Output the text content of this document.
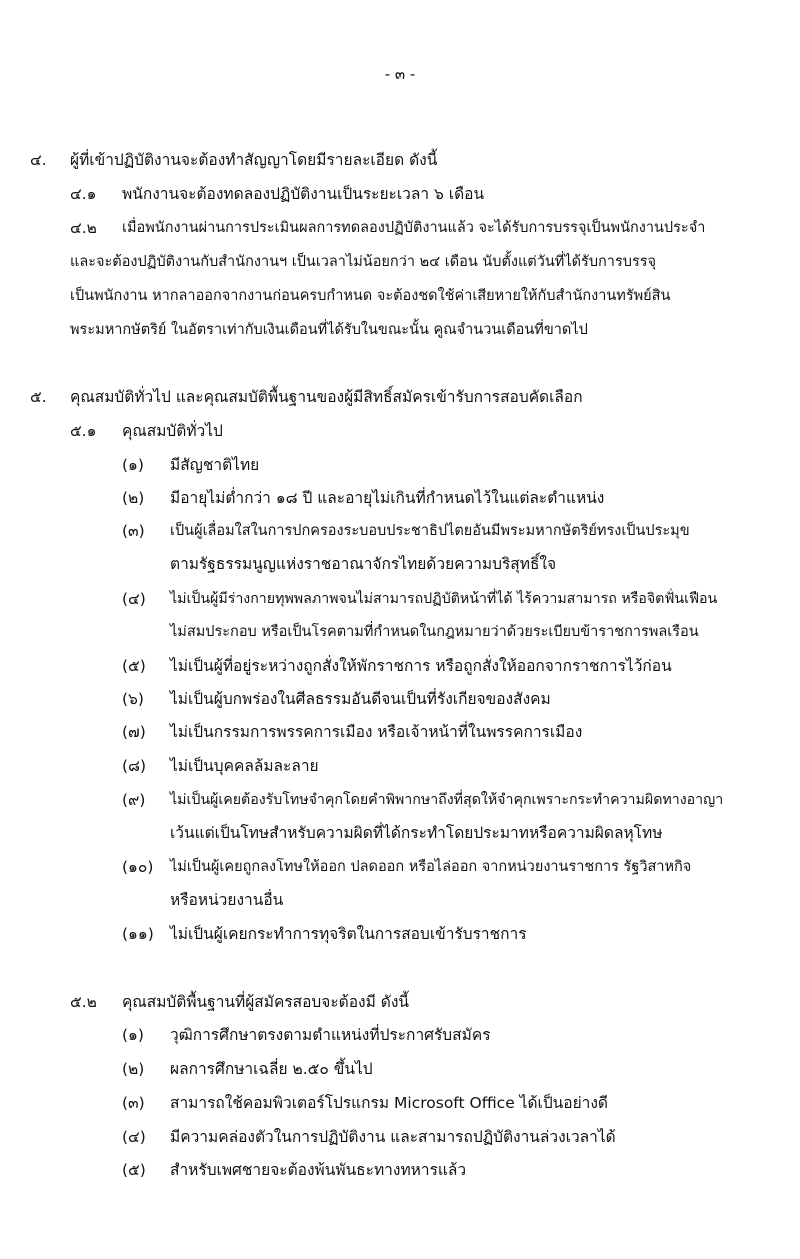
- ๓ -
๔. ผู้ที่เข้าปฏิบัติงานจะต้องทำสัญญาโดยมีรายละเอียด ดังนี้
๔.๑ พนักงานจะต้องทดลองปฏิบัติงานเป็นระยะเวลา ๖ เดือน
๔.๒ เมื่อพนักงานผ่านการประเมินผลการทดลองปฏิบัติงานแล้ว จะได้รับการบรรจุเป็นพนักงานประจำ
และจะต้องปฏิบัติงานกับสำนักงานฯ เป็นเวลาไม่น้อยกว่า ๒๔ เดือน นับตั้งแต่วันที่ได้รับการบรรจุ
เป็นพนักงาน หากลาออกจากงานก่อนครบกำหนด จะต้องชดใช้ค่าเสียหายให้กับสำนักงานทรัพย์สิน
พระมหากษัตริย์ ในอัตราเท่ากับเงินเดือนที่ได้รับในขณะนั้น คูณจำนวนเดือนที่ขาดไป
๕. คุณสมบัติทั่วไป และคุณสมบัติพื้นฐานของผู้มีสิทธิ์สมัครเข้ารับการสอบคัดเลือก
๕.๑ คุณสมบัติทั่วไป
(๑) มีสัญชาติไทย
(๒) มีอายุไม่ต่ำกว่า ๑๘ ปี และอายุไม่เกินที่กำหนดไว้ในแต่ละตำแหน่ง
(๓) เป็นผู้เลื่อมใสในการปกครองระบอบประชาธิปไตยอันมีพระมหากษัตริย์ทรงเป็นประมุข
ตามรัฐธรรมนูญแห่งราชอาณาจักรไทยด้วยความบริสุทธิ์ใจ
(๔) ไม่เป็นผู้มีร่างกายทุพพลภาพจนไม่สามารถปฏิบัติหน้าที่ได้ ไร้ความสามารถ หรือจิตฟั่นเฟือน
ไม่สมประกอบ หรือเป็นโรคตามที่กำหนดในกฎหมายว่าด้วยระเบียบข้าราชการพลเรือน
(๕) ไม่เป็นผู้ที่อยู่ระหว่างถูกสั่งให้พักราชการ หรือถูกสั่งให้ออกจากราชการไว้ก่อน
(๖) ไม่เป็นผู้บกพร่องในศีลธรรมอันดีจนเป็นที่รังเกียจของสังคม
(๗) ไม่เป็นกรรมการพรรคการเมือง หรือเจ้าหน้าที่ในพรรคการเมือง
(๘) ไม่เป็นบุคคลล้มละลาย
(๙) ไม่เป็นผู้เคยต้องรับโทษจำคุกโดยคำพิพากษาถึงที่สุดให้จำคุกเพราะกระทำความผิดทางอาญา
เว้นแต่เป็นโทษสำหรับความผิดที่ได้กระทำโดยประมาทหรือความผิดลหุโทษ
(๑๐) ไม่เป็นผู้เคยถูกลงโทษให้ออก ปลดออก หรือไล่ออก จากหน่วยงานราชการ รัฐวิสาหกิจ
หรือหน่วยงานอื่น
(๑๑) ไม่เป็นผู้เคยกระทำการทุจริตในการสอบเข้ารับราชการ
๕.๒ คุณสมบัติพื้นฐานที่ผู้สมัครสอบจะต้องมี ดังนี้
(๑) วุฒิการศึกษาตรงตามตำแหน่งที่ประกาศรับสมัคร
(๒) ผลการศึกษาเฉลี่ย ๒.๕๐ ขึ้นไป
(๓) สามารถใช้คอมพิวเตอร์โปรแกรม Microsoft Office ได้เป็นอย่างดี
(๔) มีความคล่องตัวในการปฏิบัติงาน และสามารถปฏิบัติงานล่วงเวลาได้
(๕) สำหรับเพศชายจะต้องพ้นพันธะทางทหารแล้ว
